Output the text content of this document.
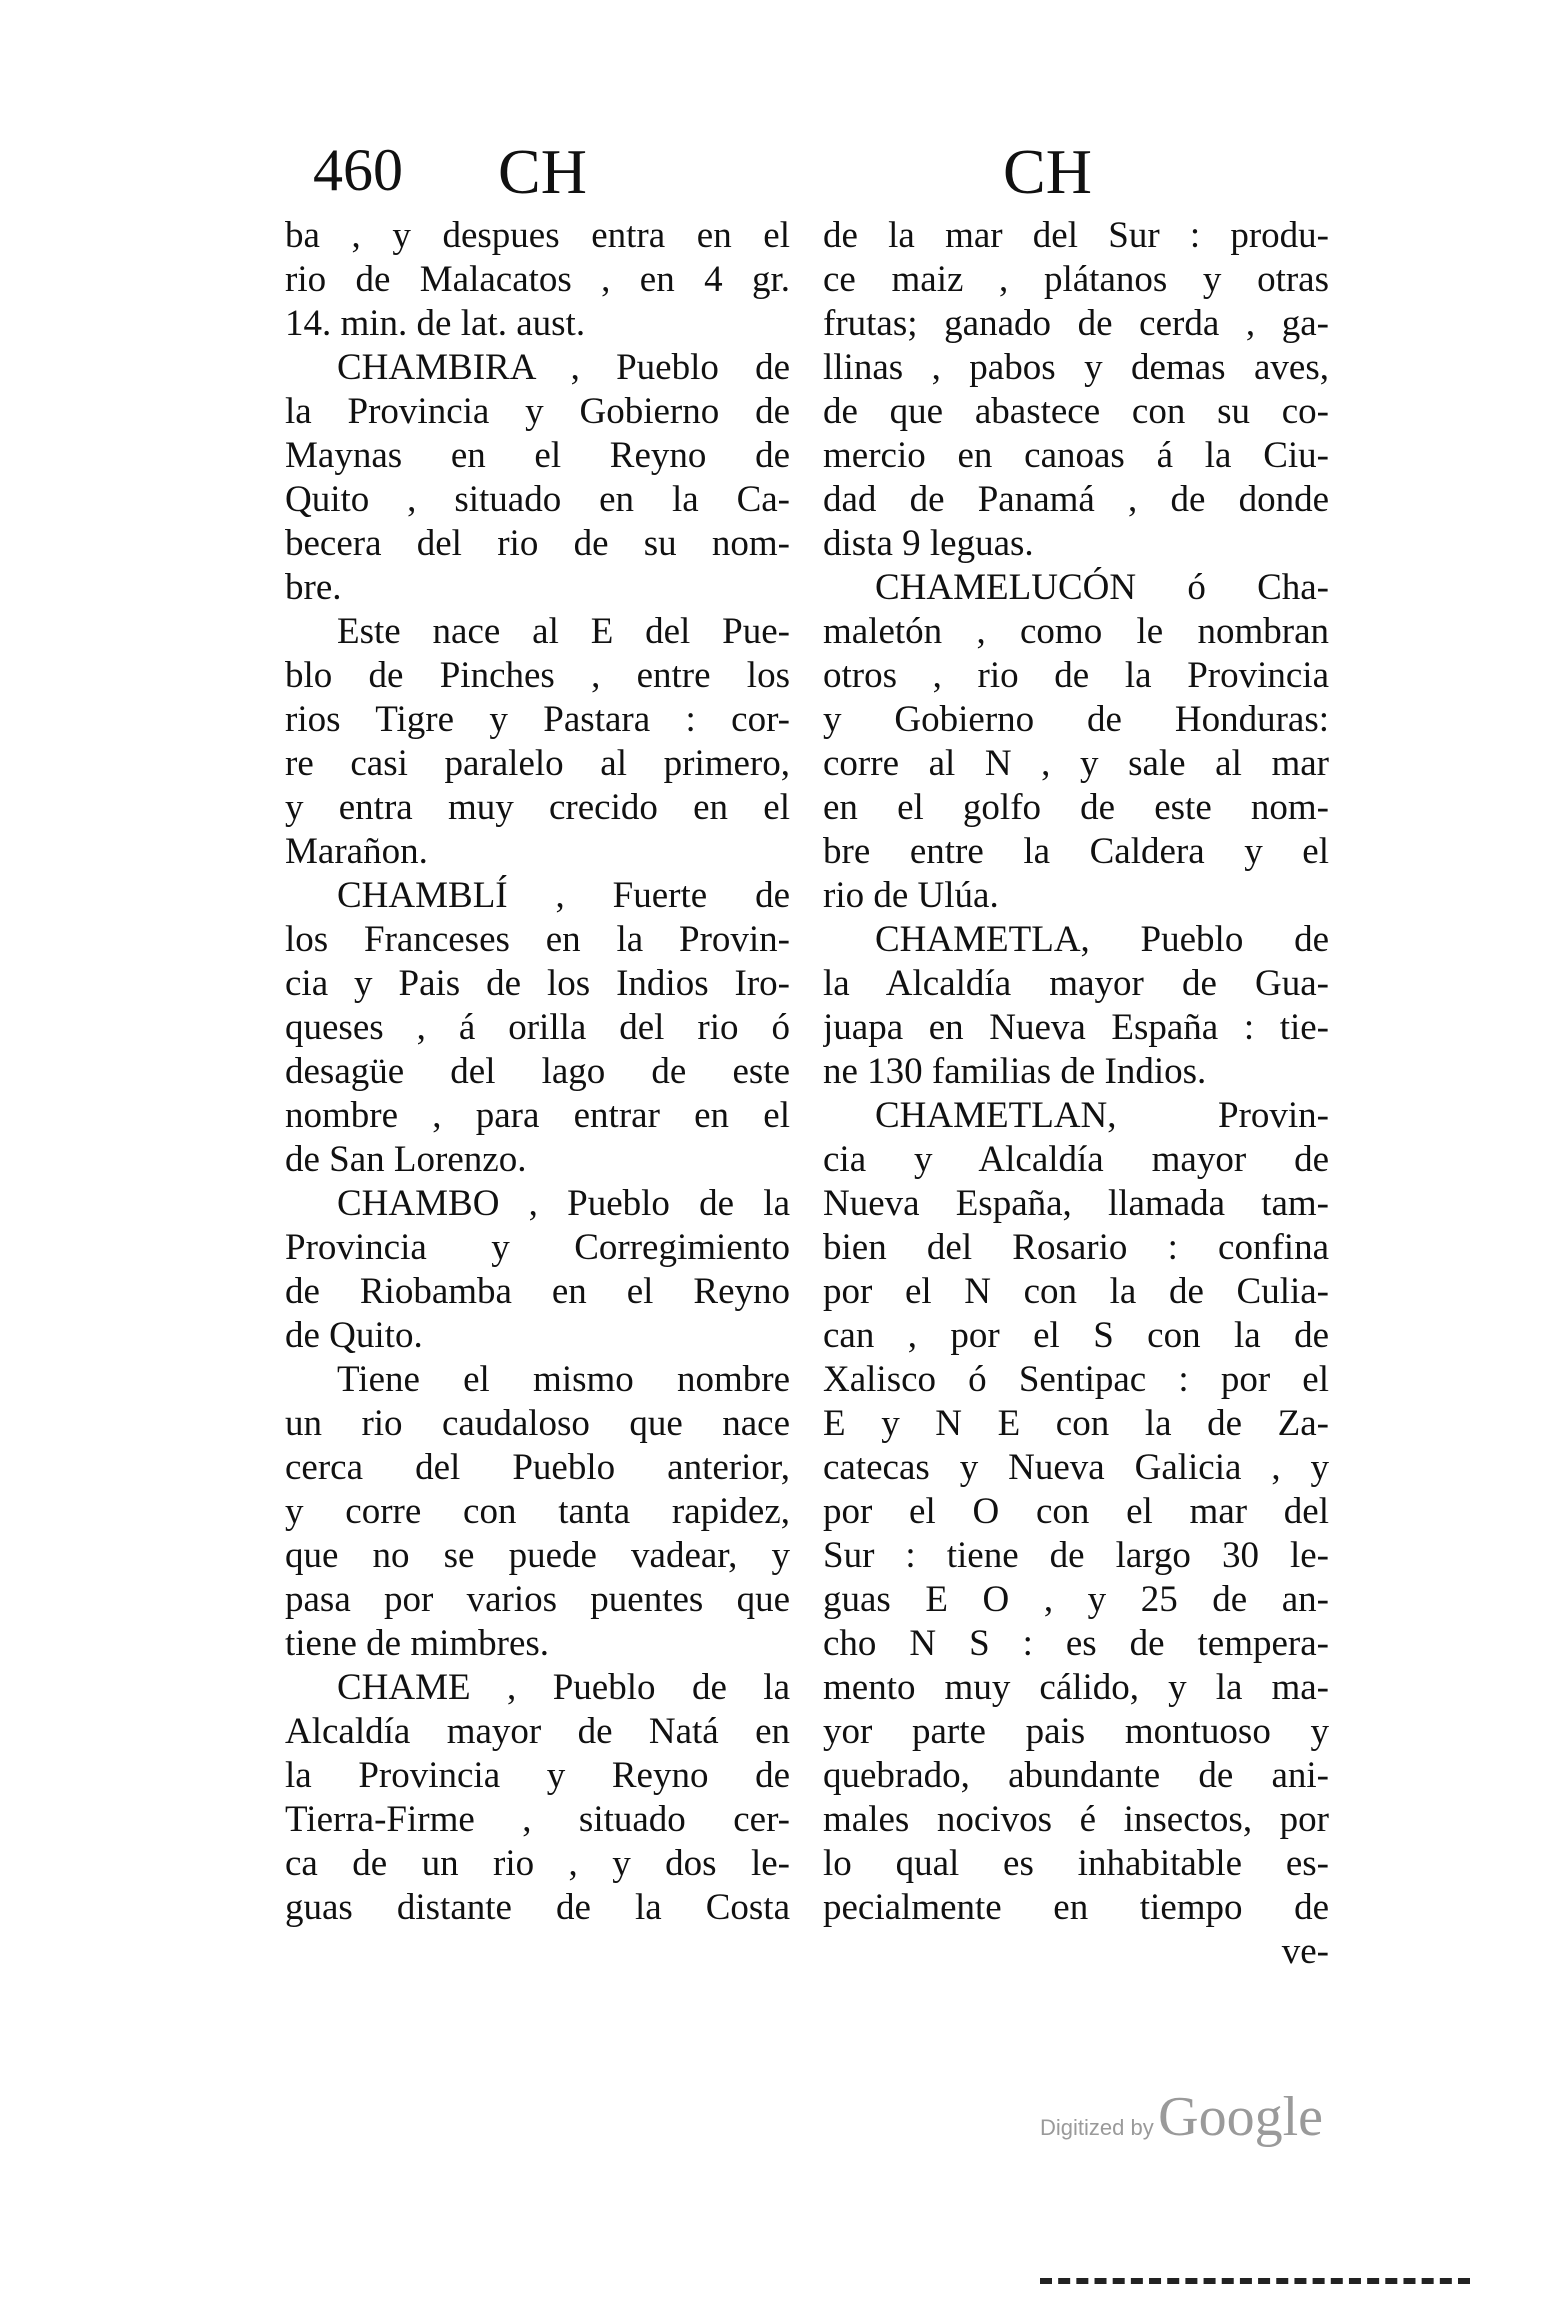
460 CH	CH
ba , y despues entra en el
rio de Malacatos , en 4 gr.
14. min. de lat. aust.
CHAMBIRA , Pueblo de
la Provincia y Gobierno de
Maynas en el Reyno de
Quito , situado en la Ca-
becera del rio de su nom-
bre.
Este nace al E del Pue-
blo de Pinches , entre los
rios Tigre y Pastara : cor-
re casi paralelo al primero,
y entra muy crecido en el
Marañon.
CHAMBLÍ , Fuerte de
los Franceses en la Provin-
cia y Pais de los Indios Iro-
queses , á orilla del rio ó
desagüe del lago de este
nombre , para entrar en el
de San Lorenzo.
CHAMBO , Pueblo de la
Provincia y Corregimiento
de Riobamba en el Reyno
de Quito.
Tiene el mismo nombre
un rio caudaloso que nace
cerca del Pueblo anterior,
y corre con tanta rapidez,
que no se puede vadear, y
pasa por varios puentes que
tiene de mimbres.
CHAME , Pueblo de la
Alcaldía mayor de Natá en
la Provincia y Reyno de
Tierra-Firme , situado cer-
ca de un rio , y dos le-
guas distante de la Costa
de la mar del Sur : produ-
ce maiz , plátanos y otras
frutas; ganado de cerda , ga-
llinas , pabos y demas aves,
de que abastece con su co-
mercio en canoas á la Ciu-
dad de Panamá , de donde
dista 9 leguas.
CHAMELUCÓN ó Cha-
maletón , como le nombran
otros , rio de la Provincia
y Gobierno de Honduras:
corre al N , y sale al mar
en el golfo de este nom-
bre entre la Caldera y el
rio de Ulúa.
CHAMETLA, Pueblo de
la Alcaldía mayor de Gua-
juapa en Nueva España : tie-
ne 130 familias de Indios.
CHAMETLAN, Provin-
cia y Alcaldía mayor de
Nueva España, llamada tam-
bien del Rosario : confina
por el N con la de Culia-
can , por el S con la de
Xalisco ó Sentipac : por el
E y N E con la de Za-
catecas y Nueva Galicia , y
por el O con el mar del
Sur : tiene de largo 30 le-
guas E O , y 25 de an-
cho N S : es de tempera-
mento muy cálido, y la ma-
yor parte pais montuoso y
quebrado, abundante de ani-
males nocivos é insectos, por
lo qual es inhabitable es-
pecialmente en tiempo de
ve-
Digitized by Google
